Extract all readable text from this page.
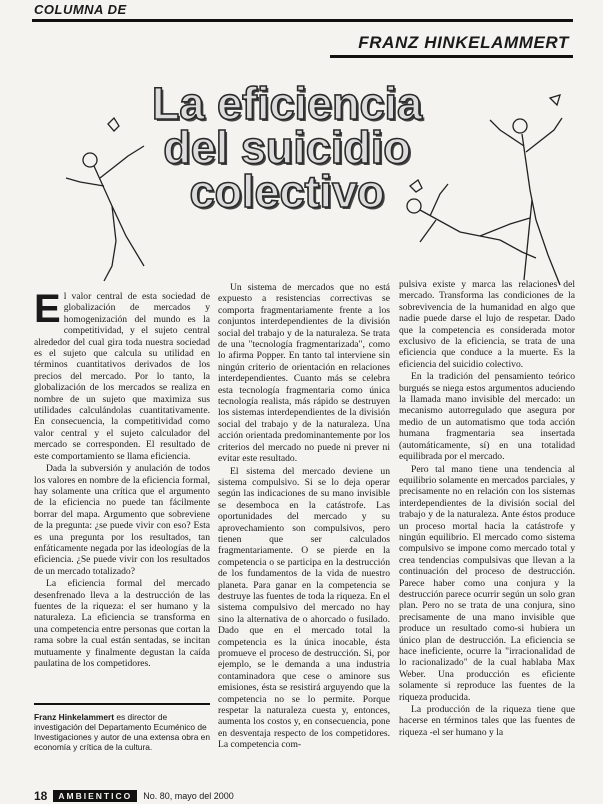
COLUMNA DE
FRANZ HINKELAMMERT
La eficiencia
del suicidio
colectivo

El valor central de esta sociedad de globalización de mercados y homogenización del mundo es la competitividad, y el sujeto central alrededor del cual gira toda nuestra sociedad es el sujeto que calcula su utilidad en términos cuantitativos derivados de los precios del mercado. Por lo tanto, la globalización de los mercados se realiza en nombre de un sujeto que maximiza sus utilidades calculándolas cuantitativamente. En consecuencia, la competitividad como valor central y el sujeto calculador del mercado se corresponden. El resultado de este comportamiento se llama eficiencia.

Dada la subversión y anulación de todos los valores en nombre de la eficiencia formal, hay solamente una crítica que el argumento de la eficiencia no puede tan fácilmente borrar del mapa. Argumento que sobreviene de la pregunta: ¿se puede vivir con eso? Esta es una pregunta por los resultados, tan enfáticamente negada por las ideologías de la eficiencia. ¿Se puede vivir con los resultados de un mercado totalizado?

La eficiencia formal del mercado desenfrenado lleva a la destrucción de las fuentes de la riqueza: el ser humano y la naturaleza. La eficiencia se transforma en una competencia entre personas que cortan la rama sobre la cual están sentadas, se incitan mutuamente y finalmente degustan la caída paulatina de los competidores.

Un sistema de mercados que no está expuesto a resistencias correctivas se comporta fragmentariamente frente a los conjuntos interdependientes de la división social del trabajo y de la naturaleza. Se trata de una "tecnología fragmentarizada", como lo afirma Popper. En tanto tal interviene sin ningún criterio de orientación en relaciones interdependientes. Cuanto más se celebra esta tecnología fragmentaria como única tecnología realista, más rápido se destruyen los sistemas interdependientes de la división social del trabajo y de la naturaleza. Una acción orientada predominantemente por los criterios del mercado no puede ni prever ni evitar este resultado.

El sistema del mercado deviene un sistema compulsivo. Si se lo deja operar según las indicaciones de su mano invisible se desemboca en la catástrofe. Las oportunidades del mercado y su aprovechamiento son compulsivos, pero tienen que ser calculados fragmentariamente. O se pierde en la competencia o se participa en la destrucción de los fundamentos de la vida de nuestro planeta. Para ganar en la competencia se destruye las fuentes de toda la riqueza. En el sistema compulsivo del mercado no hay sino la alternativa de o ahorcado o fusilado. Dado que en el mercado total la competencia es la única inocable, ésta promueve el proceso de destrucción. Si, por ejemplo, se le demanda a una industria contaminadora que cese o aminore sus emisiones, ésta se resistirá arguyendo que la competencia no se lo permite. Porque respetar la naturaleza cuesta y, entonces, aumenta los costos y, en consecuencia, pone en desventaja respecto de los competidores. La competencia com-

pulsiva existe y marca las relaciones del mercado. Transforma las condiciones de la sobrevivencia de la humanidad en algo que nadie puede darse el lujo de respetar. Dado que la competencia es considerada motor exclusivo de la eficiencia, se trata de una eficiencia que conduce a la muerte. Es la eficiencia del suicidio colectivo.

En la tradición del pensamiento teórico burgués se niega estos argumentos aduciendo la llamada mano invisible del mercado: un mecanismo autorregulado que asegura por medio de un automatismo que toda acción humana fragmentaria sea insertada (automáticamente, sí) en una totalidad equilibrada por el mercado.

Pero tal mano tiene una tendencia al equilibrio solamente en mercados parciales, y precisamente no en relación con los sistemas interdependientes de la división social del trabajo y de la naturaleza. Ante éstos produce un proceso mortal hacia la catástrofe y ningún equilibrio. El mercado como sistema compulsivo se impone como mercado total y crea tendencias compulsivas que llevan a la continuación del proceso de destrucción. Parece haber como una conjura y la destrucción parece ocurrir según un solo gran plan. Pero no se trata de una conjura, sino precisamente de una mano invisible que produce un resultado como-si hubiera un único plan de destrucción. La eficiencia se hace ineficiente, ocurre la "irracionalidad de lo racionalizado" de la cual hablaba Max Weber. Una producción es eficiente solamente si reproduce las fuentes de la riqueza producida.

La producción de la riqueza tiene que hacerse en términos tales que las fuentes de riqueza -el ser humano y la

Franz Hinkelammert es director de investigación del Departamento Ecuménico de Investigaciones y autor de una extensa obra en economía y crítica de la cultura.
18	AMBIENTICO	No. 80, mayo del 2000
